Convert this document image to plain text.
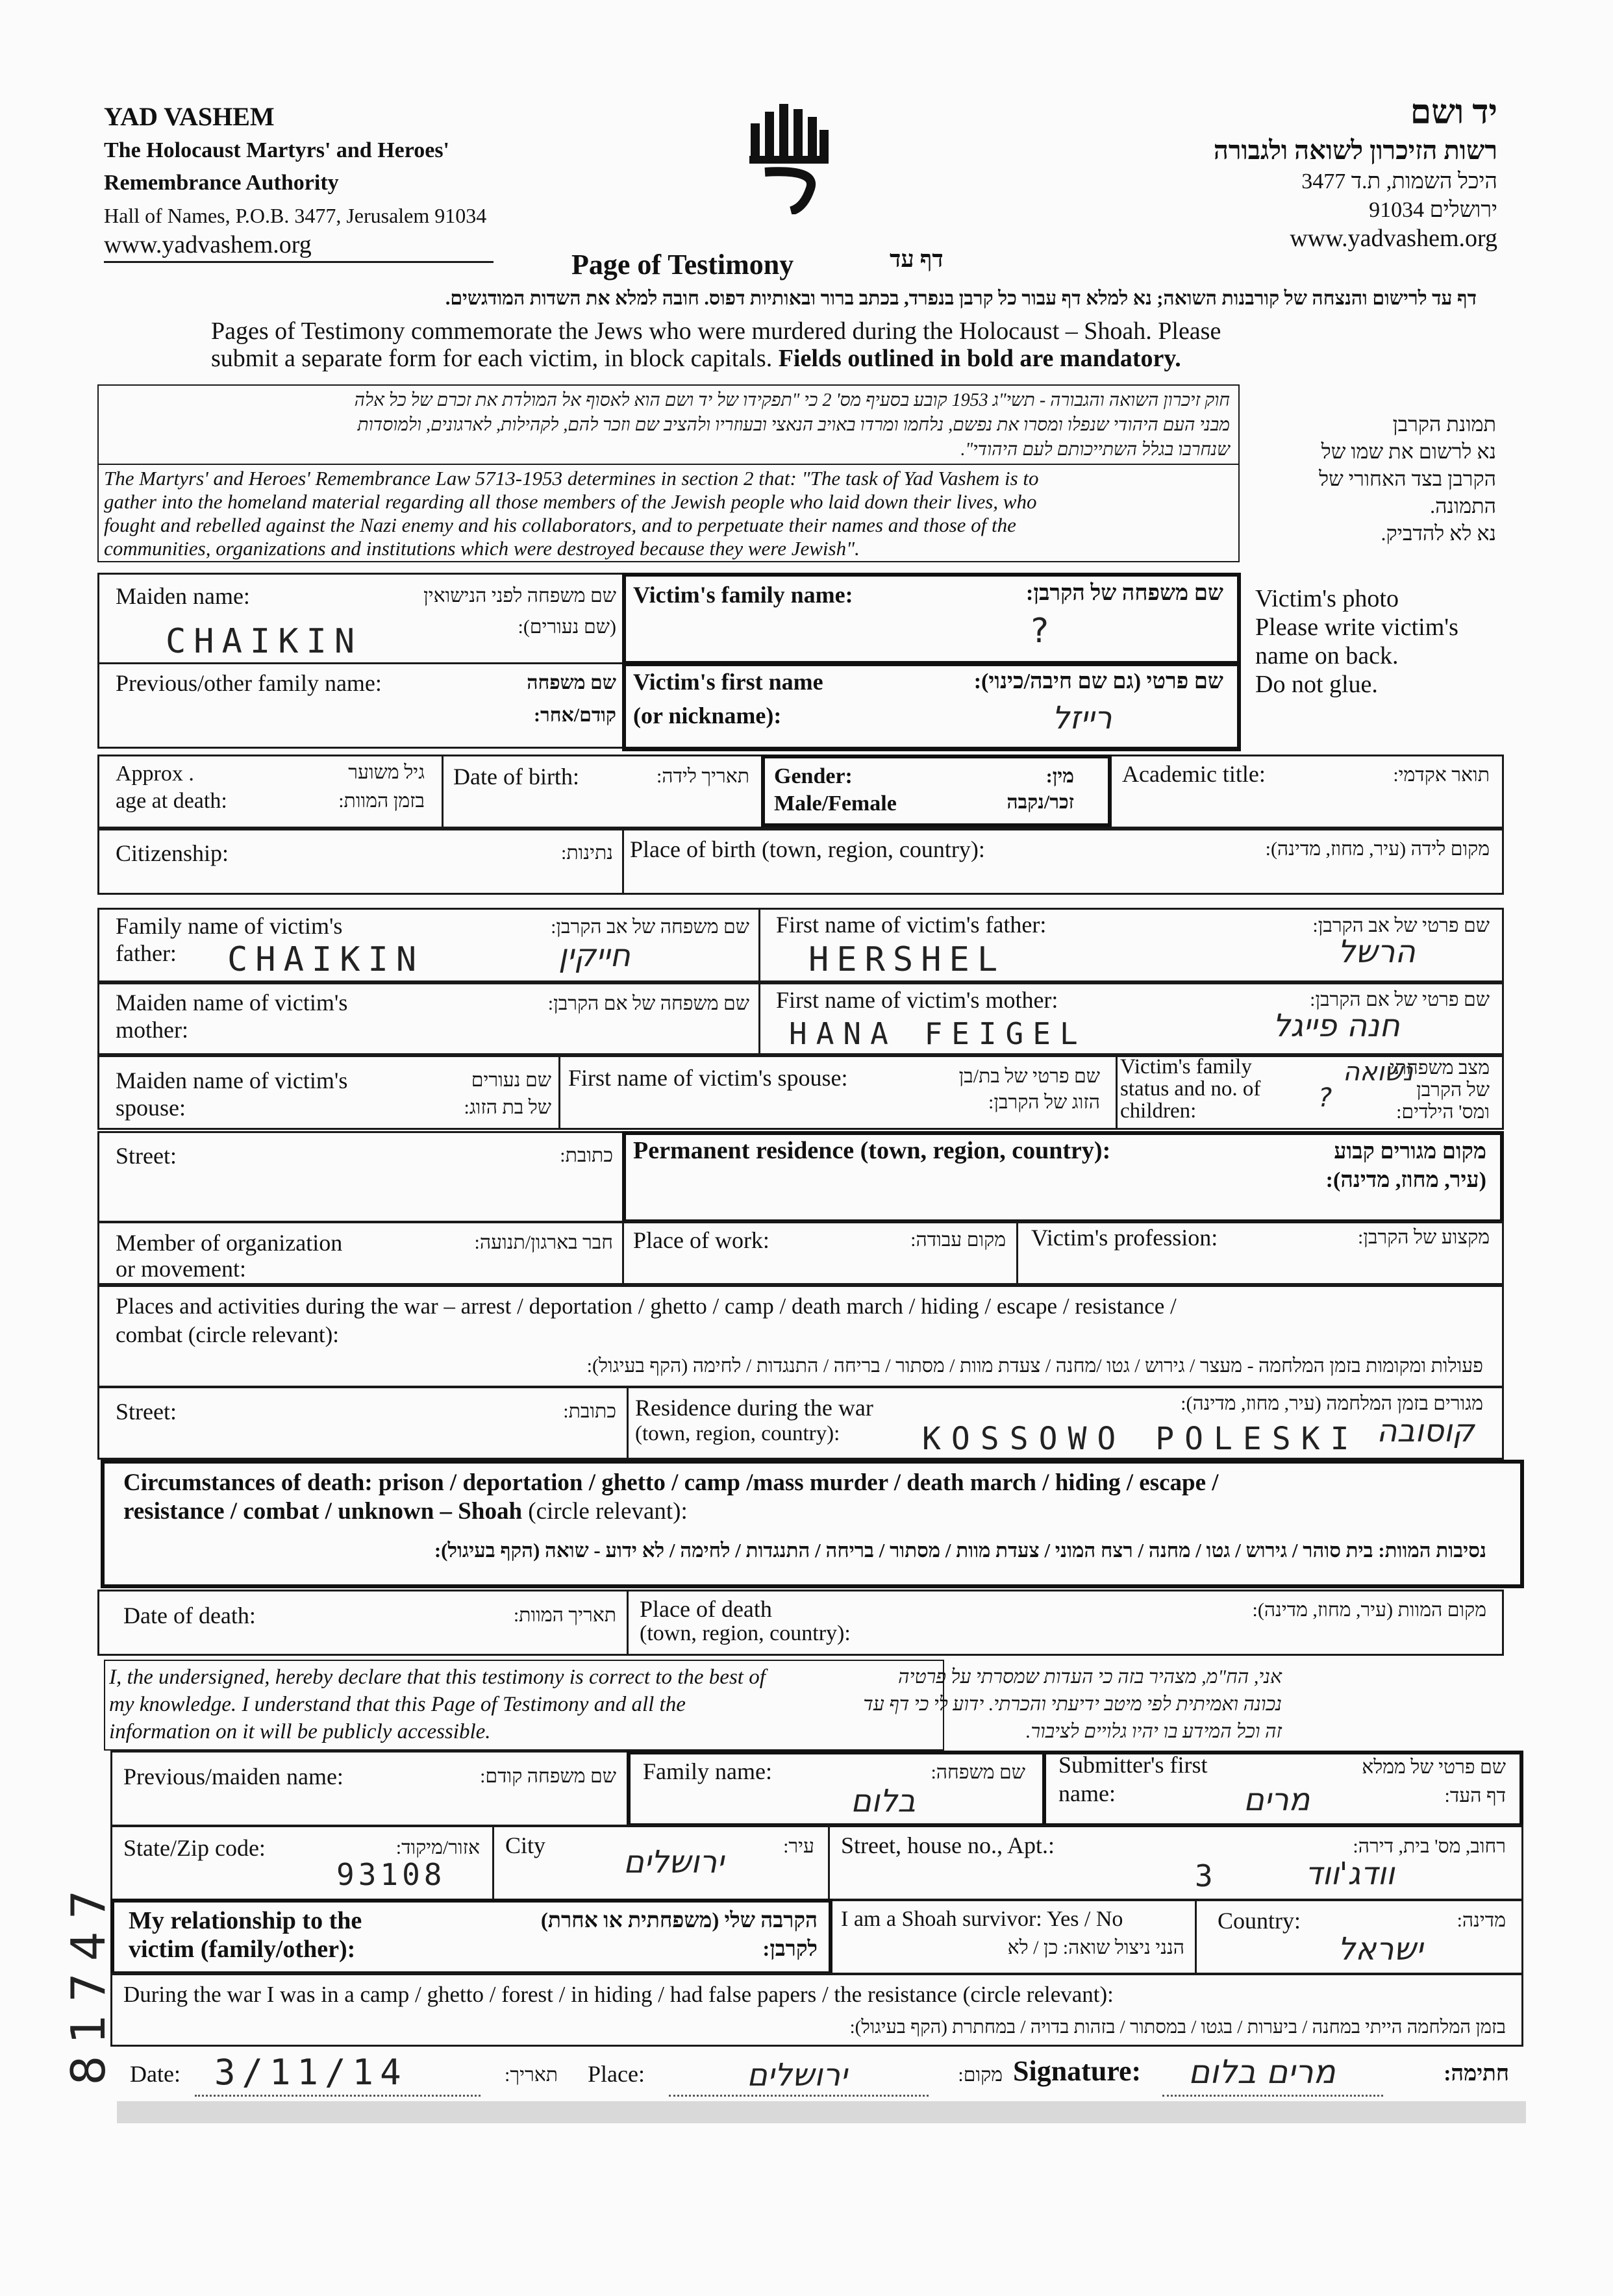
YAD VASHEM
The Holocaust Martyrs' and Heroes'
Remembrance Authority
Hall of Names, P.O.B. 3477, Jerusalem 91034
www.yadvashem.org
יד ושם
רשות הזיכרון לשואה ולגבורה
היכל השמות, ת.ד 3477
ירושלים 91034
www.yadvashem.org
Page of Testimony	דף עד
דף עד לרישום והנצחה של קורבנות השואה; נא למלא דף עבור כל קרבן בנפרד, בכתב ברור ובאותיות דפוס. חובה למלא את השדות המודגשים.
Pages of Testimony commemorate the Jews who were murdered during the Holocaust – Shoah. Please
submit a separate form for each victim, in block capitals. Fields outlined in bold are mandatory.
חוק זיכרון השואה והגבורה - תשי"ג 1953 קובע בסעיף מס' 2 כי "תפקידו של יד ושם הוא לאסוף אל המולדת את זכרם של כל אלה
מבני העם היהודי שנפלו ומסרו את נפשם, נלחמו ומרדו באויב הנאצי ובעוזריו ולהציב שם וזכר להם, לקהילות, לארגונים, ולמוסדות
שנחרבו בגלל השתייכותם לעם היהודי".
The Martyrs' and Heroes' Remembrance Law 5713-1953 determines in section 2 that: "The task of Yad Vashem is to
gather into the homeland material regarding all those members of the Jewish people who laid down their lives, who
fought and rebelled against the Nazi enemy and his collaborators, and to perpetuate their names and those of the
communities, organizations and institutions which were destroyed because they were Jewish".
תמונת הקרבן
נא לרשום את שמו של
הקרבן בצד האחורי של
התמונה.
נא לא להדביק.
Victim's photo
Please write victim's
name on back.
Do not glue.
Maiden name:	שם משפחה לפני הנישואין
(שם נעורים):
CHAIKIN
Victim's family name:	שם משפחה של הקרבן:
?
Previous/other family name:	שם משפחה
קודם/אחר:
Victim's first name
(or nickname):
שם פרטי (גם שם חיבה/כינוי):
רייזל
Approx .
age at death:
גיל משוער
בזמן המוות:
Date of birth:	תאריך לידה: Gender:
Male/Female
מין:
זכר/נקבה
Academic title:	תואר אקדמי:
Citizenship:	נתינות: Place of birth (town, region, country):	מקום לידה (עיר, מחוז, מדינה):
Family name of victim's
father:
שם משפחה של אב הקרבן:
CHAIKIN	חייקין
First name of victim's father:	שם פרטי של אב הקרבן:
HERSHEL	הרשל
Maiden name of victim's
mother:
שם משפחה של אם הקרבן: First name of victim's mother:	שם פרטי של אם הקרבן:
HANA FEIGEL	חנה פייגל
Maiden name of victim's
spouse:
שם נעורים
של בת הזוג:
First name of victim's spouse:	שם פרטי של בת/בן
הזוג של הקרבן:
Victim's family
status and no. of
children:
מצב משפחתי
של הקרבן
ומס' הילדים:
נשואה
?
Street:	כתובת: Permanent residence (town, region, country):	מקום מגורים קבוע
(עיר, מחוז, מדינה):
Member of organization
or movement:
חבר בארגון/תנועה: Place of work:	מקום עבודה: Victim's profession:	מקצוע של הקרבן:
Places and activities during the war – arrest / deportation / ghetto / camp / death march / hiding / escape / resistance /
combat (circle relevant):
פעולות ומקומות בזמן המלחמה - מעצר / גירוש / גטו /מחנה / צעדת מוות / מסתור / בריחה / התנגדות / לחימה (הקף בעיגול):
Street:	כתובת: Residence during the war
(town, region, country):
מגורים בזמן המלחמה (עיר, מחוז, מדינה):
KOSSOWO POLESKI קוסובה
Circumstances of death: prison / deportation / ghetto / camp /mass murder / death march / hiding / escape /
resistance / combat / unknown – Shoah (circle relevant):
נסיבות המוות: בית סוהר / גירוש / גטו / מחנה / רצח המוני / צעדת מוות / מסתור / בריחה / התנגדות / לחימה / לא ידוע - שואה (הקף בעיגול):
Date of death:	תאריך המוות: Place of death
(town, region, country):
מקום המוות (עיר, מחוז, מדינה):
I, the undersigned, hereby declare that this testimony is correct to the best of
my knowledge. I understand that this Page of Testimony and all the
information on it will be publicly accessible.
אני, הח"מ, מצהיר בזה כי העדות שמסרתי על פרטיה
נכונה ואמיתית לפי מיטב ידיעתי והכרתי. ידוע לי כי דף עד
זה וכל המידע בו יהיו גלויים לציבור.
Previous/maiden name:	שם משפחה קודם: Family name:	שם משפחה:
בלום
Submitter's first
name:
שם פרטי של ממלא
דף העד:
מרים
State/Zip code:	אזור/מיקוד:
93108
City	עיר:
ירושלים	Street, house no., Apt.:	רחוב, מס' בית, דירה:
3	וודג'ווד
My relationship to the
victim (family/other):
הקרבה שלי (משפחתית או אחרת)
לקרבן:
I am a Shoah survivor: Yes / No
הנני ניצול שואה: כן / לא
Country:	מדינה:
ישראל
During the war I was in a camp / ghetto / forest / in hiding / had false papers / the resistance (circle relevant):
בזמן המלחמה הייתי במחנה / ביערות / בגטו / במסתור / בזהות בדויה / במחתרת (הקף בעיגול):
Date: 3/11/14	תאריך: Place:	ירושלים	מקום: Signature: מרים בלום	חתימה:
81747
